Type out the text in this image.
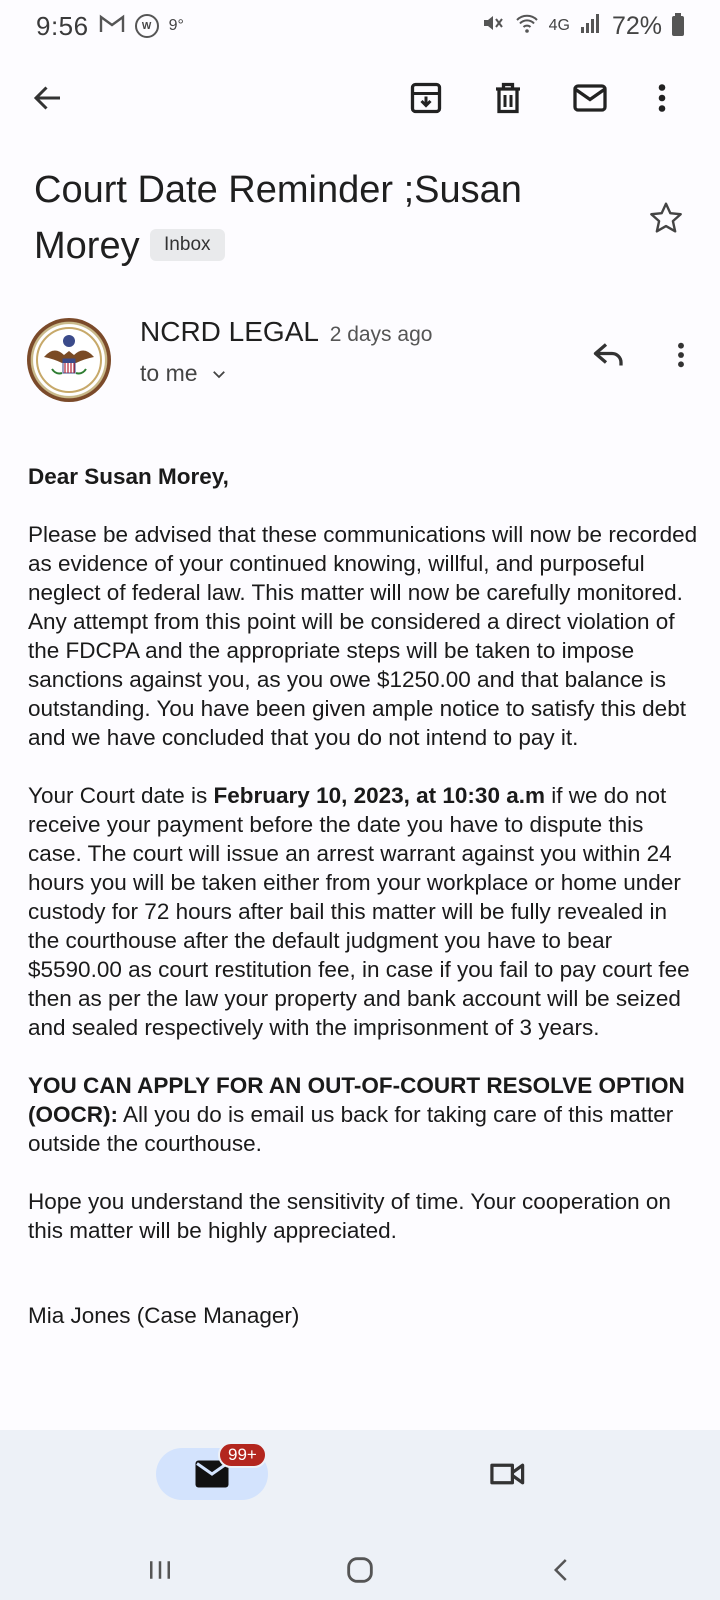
9:56	W	9°	4G 72%
Court Date Reminder ;Susan Morey Inbox
NCRD LEGAL 2 days ago
to me

Dear Susan Morey,

Please be advised that these communications will now be recorded as evidence of your continued knowing, willful, and purposeful neglect of federal law. This matter will now be carefully monitored. Any attempt from this point will be considered a direct violation of the FDCPA and the appropriate steps will be taken to impose sanctions against you, as you owe $1250.00 and that balance is outstanding. You have been given ample notice to satisfy this debt and we have concluded that you do not intend to pay it.

Your Court date is February 10, 2023, at 10:30 a.m if we do not receive your payment before the date you have to dispute this case. The court will issue an arrest warrant against you within 24 hours you will be taken either from your workplace or home under custody for 72 hours after bail this matter will be fully revealed in the courthouse after the default judgment you have to bear $5590.00 as court restitution fee, in case if you fail to pay court fee then as per the law your property and bank account will be seized and sealed respectively with the imprisonment of 3 years.

YOU CAN APPLY FOR AN OUT-OF-COURT RESOLVE OPTION (OOCR): All you do is email us back for taking care of this matter outside the courthouse.

Hope you understand the sensitivity of time. Your cooperation on this matter will be highly appreciated.

Mia Jones (Case Manager)

99+
